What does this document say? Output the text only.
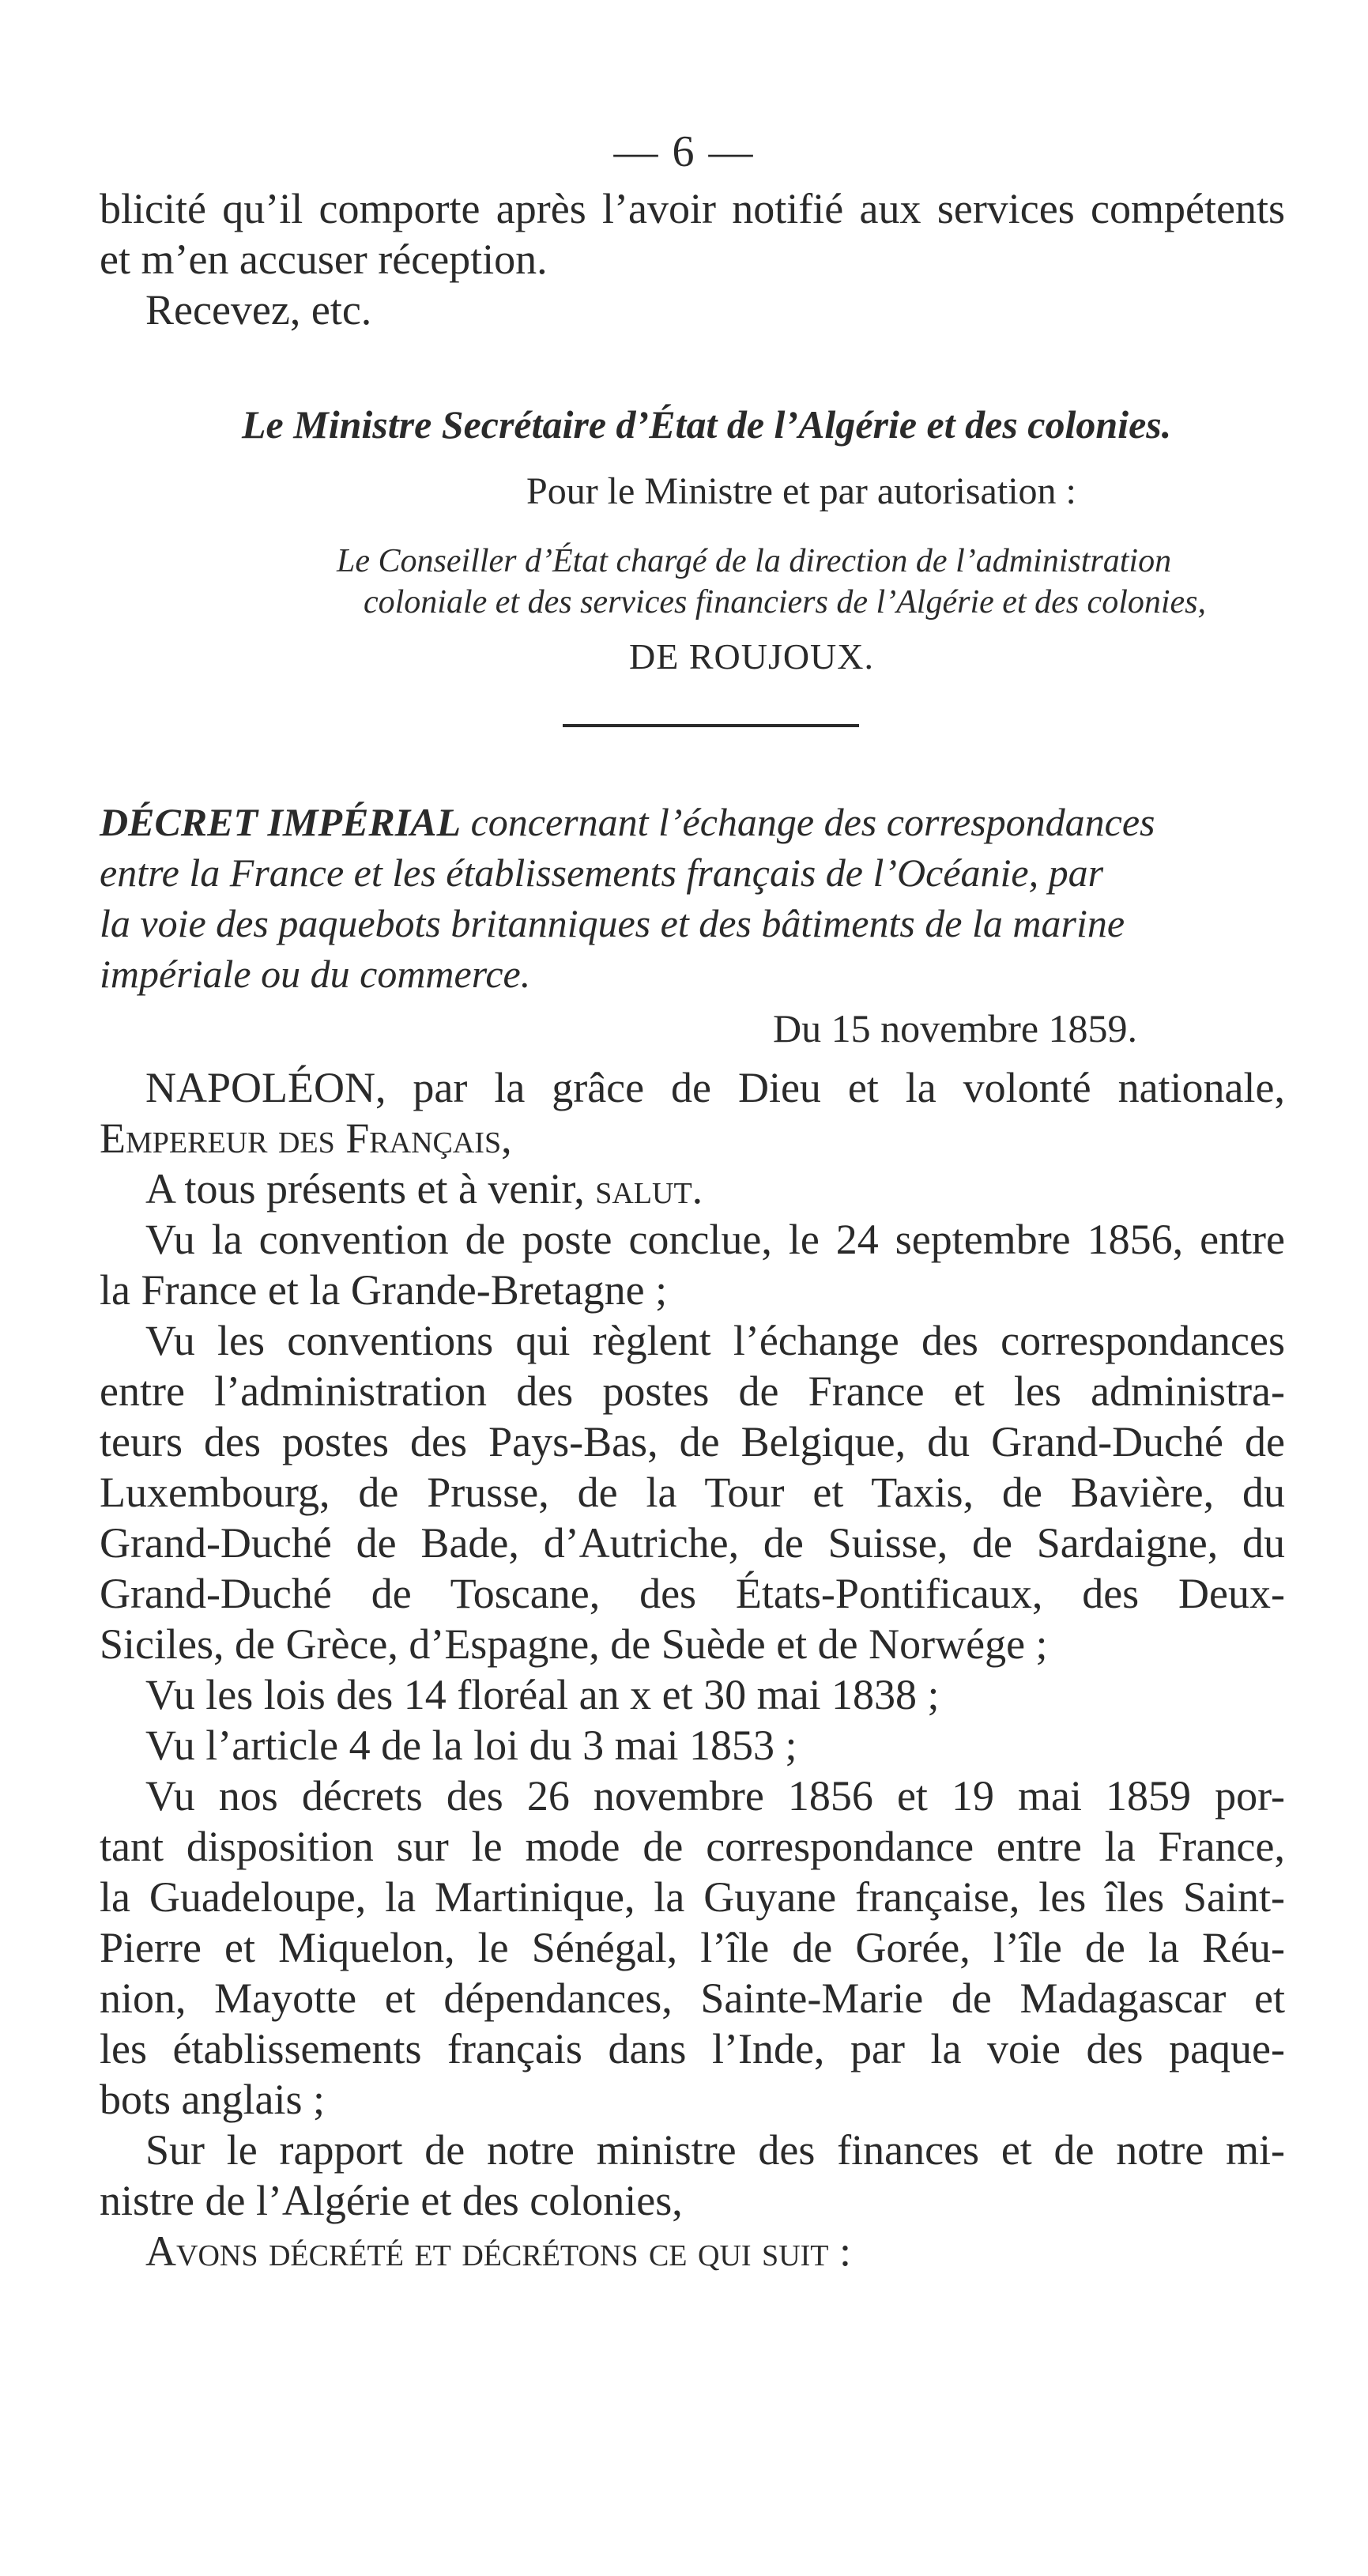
— 6 —
blicité qu’il comporte après l’avoir notifié aux services compétents
et m’en accuser réception.
Recevez, etc.
Le Ministre Secrétaire d’État de l’Algérie et des colonies.
Pour le Ministre et par autorisation :
Le Conseiller d’État chargé de la direction de l’administration
coloniale et des services financiers de l’Algérie et des colonies,
DE ROUJOUX.
DÉCRET IMPÉRIAL concernant l’échange des correspondances
entre la France et les établissements français de l’Océanie, par
la voie des paquebots britanniques et des bâtiments de la marine
impériale ou du commerce.
Du 15 novembre 1859.
NAPOLÉON, par la grâce de Dieu et la volonté nationale,
Empereur des Français,
A tous présents et à venir, salut.
Vu la convention de poste conclue, le 24 septembre 1856, entre
la France et la Grande-Bretagne ;
Vu les conventions qui règlent l’échange des correspondances
entre l’administration des postes de France et les administra-
teurs des postes des Pays-Bas, de Belgique, du Grand-Duché de
Luxembourg, de Prusse, de la Tour et Taxis, de Bavière, du
Grand-Duché de Bade, d’Autriche, de Suisse, de Sardaigne, du
Grand-Duché de Toscane, des États-Pontificaux, des Deux-
Siciles, de Grèce, d’Espagne, de Suède et de Norwége ;
Vu les lois des 14 floréal an x et 30 mai 1838 ;
Vu l’article 4 de la loi du 3 mai 1853 ;
Vu nos décrets des 26 novembre 1856 et 19 mai 1859 por-
tant disposition sur le mode de correspondance entre la France,
la Guadeloupe, la Martinique, la Guyane française, les îles Saint-
Pierre et Miquelon, le Sénégal, l’île de Gorée, l’île de la Réu-
nion, Mayotte et dépendances, Sainte-Marie de Madagascar et
les établissements français dans l’Inde, par la voie des paque-
bots anglais ;
Sur le rapport de notre ministre des finances et de notre mi-
nistre de l’Algérie et des colonies,
Avons décrété et décrétons ce qui suit :
